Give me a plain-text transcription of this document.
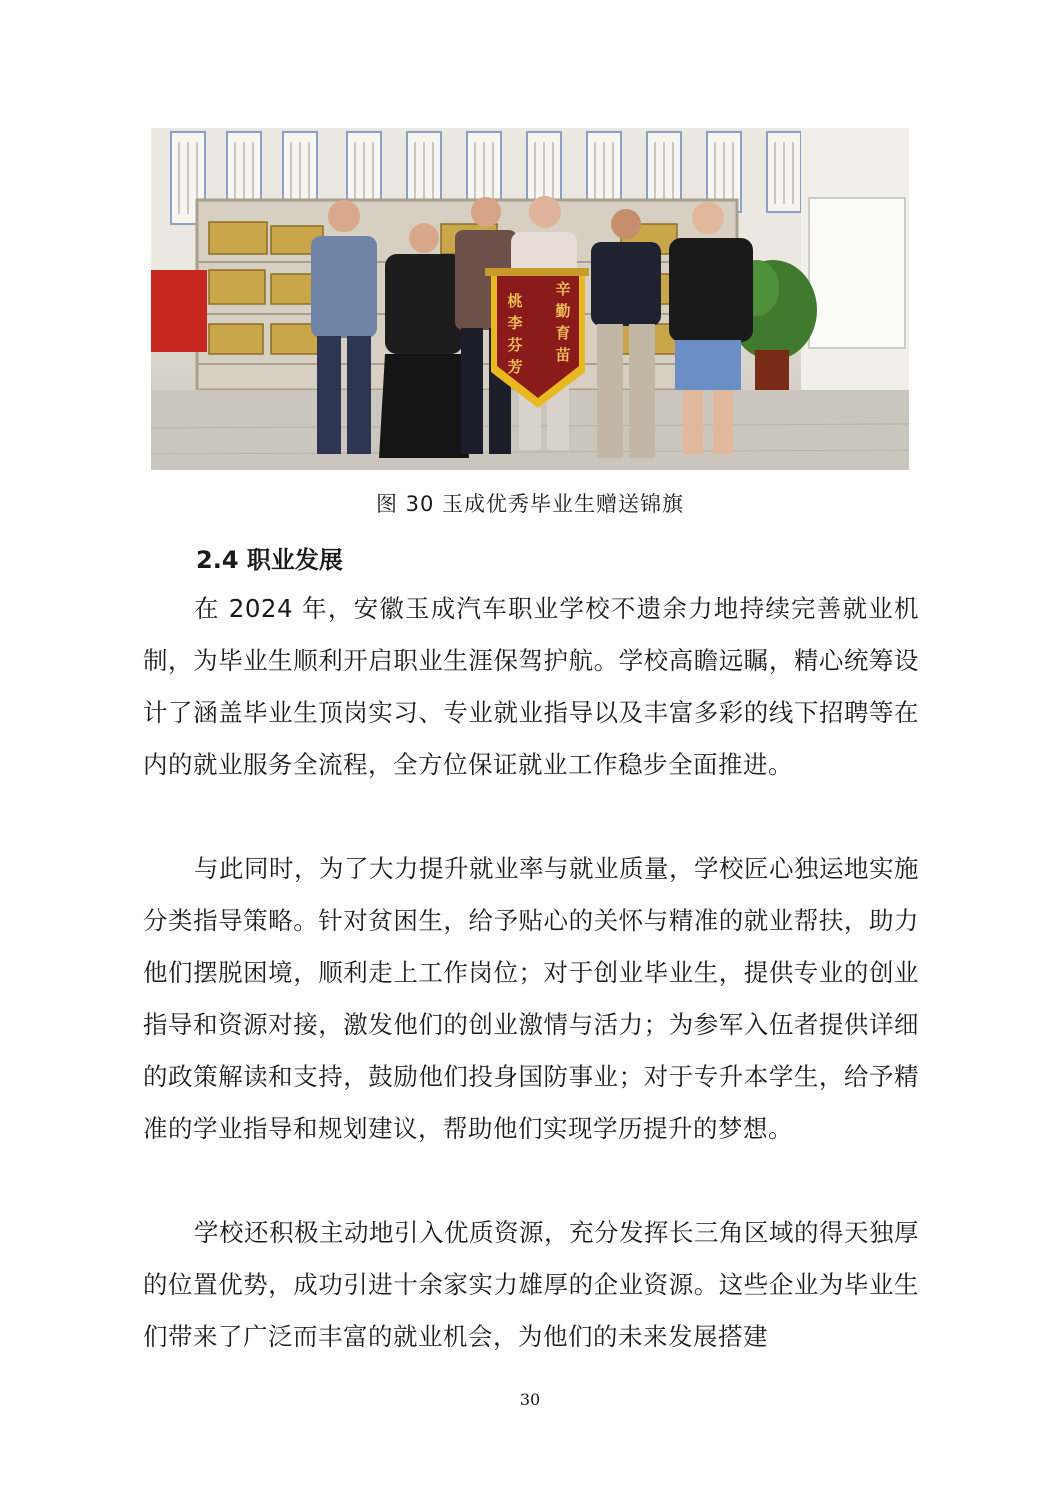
辛
勤
育
苗
桃
李
芬
芳
图 30 玉成优秀毕业生赠送锦旗
2.4 职业发展

在 2024 年，安徽玉成汽车职业学校不遗余力地持续完善就业机制，为毕业生顺利开启职业生涯保驾护航。学校高瞻远瞩，精心统筹设计了涵盖毕业生顶岗实习、专业就业指导以及丰富多彩的线下招聘等在内的就业服务全流程，全方位保证就业工作稳步全面推进。

与此同时，为了大力提升就业率与就业质量，学校匠心独运地实施分类指导策略。针对贫困生，给予贴心的关怀与精准的就业帮扶，助力他们摆脱困境，顺利走上工作岗位；对于创业毕业生，提供专业的创业指导和资源对接，激发他们的创业激情与活力；为参军入伍者提供详细的政策解读和支持，鼓励他们投身国防事业；对于专升本学生，给予精准的学业指导和规划建议，帮助他们实现学历提升的梦想。

学校还积极主动地引入优质资源，充分发挥长三角区域的得天独厚的位置优势，成功引进十余家实力雄厚的企业资源。这些企业为毕业生们带来了广泛而丰富的就业机会，为他们的未来发展搭建

30
